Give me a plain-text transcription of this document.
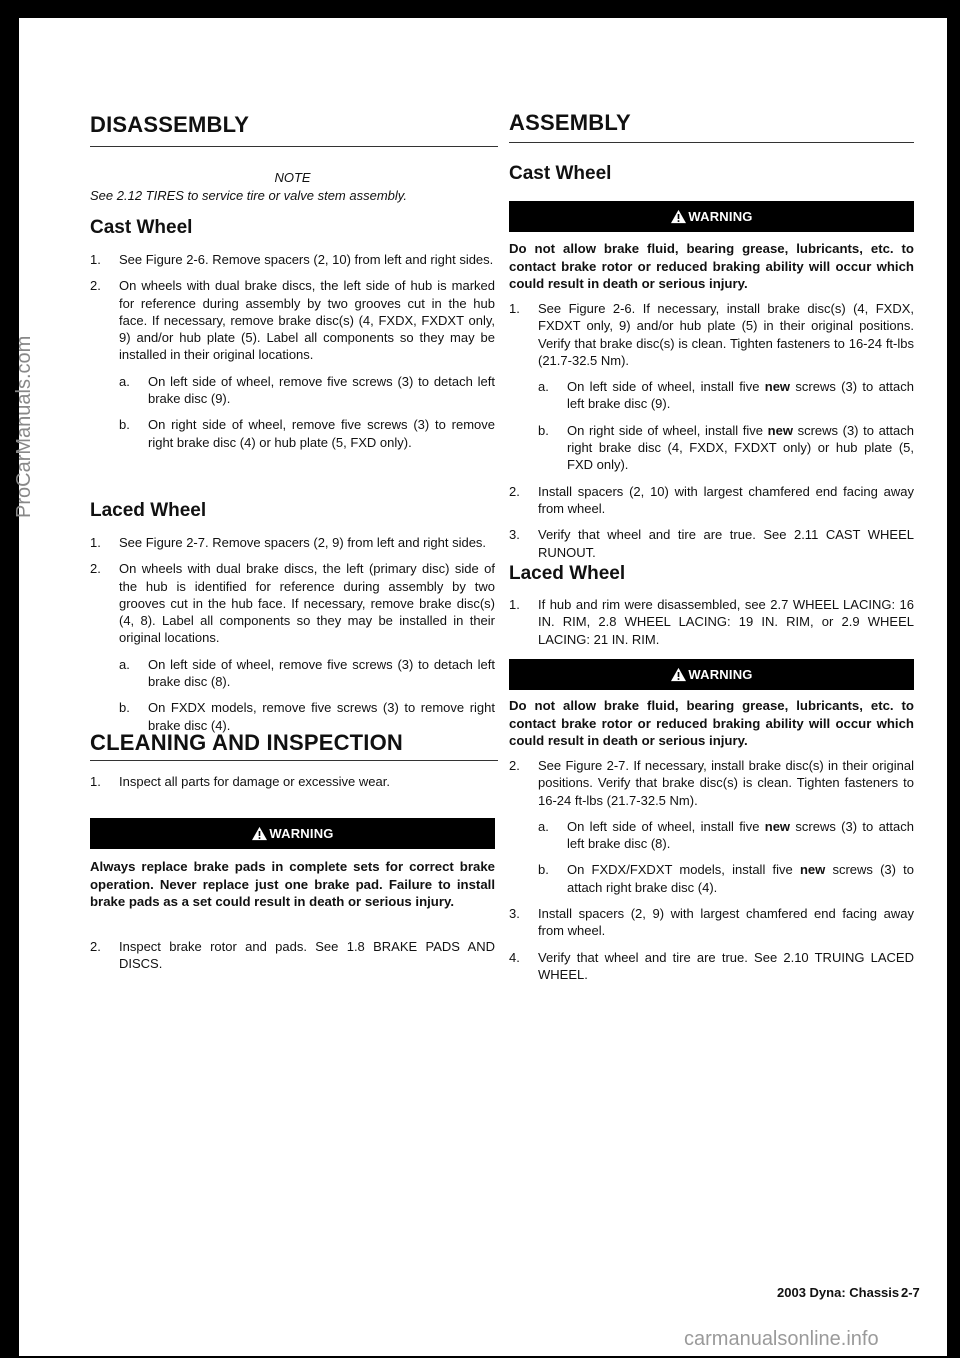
DISASSEMBLY
NOTE
See 2.12 TIRES to service tire or valve stem assembly.
Cast Wheel
1. See Figure 2-6. Remove spacers (2, 10) from left and right sides.
2. On wheels with dual brake discs, the left side of hub is marked for reference during assembly by two grooves cut in the hub face. If necessary, remove brake disc(s) (4, FXDX, FXDXT only, 9) and/or hub plate (5). Label all components so they may be installed in their original locations.
a. On left side of wheel, remove five screws (3) to detach left brake disc (9).
b. On right side of wheel, remove five screws (3) to remove right brake disc (4) or hub plate (5, FXD only).
Laced Wheel
1. See Figure 2-7. Remove spacers (2, 9) from left and right sides.
2. On wheels with dual brake discs, the left (primary disc) side of the hub is identified for reference during assembly by two grooves cut in the hub face. If necessary, remove brake disc(s) (4, 8). Label all components so they may be installed in their original locations.
a. On left side of wheel, remove five screws (3) to detach left brake disc (8).
b. On FXDX models, remove five screws (3) to remove right brake disc (4).
CLEANING AND INSPECTION
1. Inspect all parts for damage or excessive wear.
WARNING
Always replace brake pads in complete sets for correct brake operation. Never replace just one brake pad. Failure to install brake pads as a set could result in death or serious injury.
2. Inspect brake rotor and pads. See 1.8 BRAKE PADS AND DISCS.
ASSEMBLY
Cast Wheel
WARNING
Do not allow brake fluid, bearing grease, lubricants, etc. to contact brake rotor or reduced braking ability will occur which could result in death or serious injury.
1. See Figure 2-6. If necessary, install brake disc(s) (4, FXDX, FXDXT only, 9) and/or hub plate (5) in their original positions. Verify that brake disc(s) is clean. Tighten fasteners to 16-24 ft-lbs (21.7-32.5 Nm).
a. On left side of wheel, install five new screws (3) to attach left brake disc (9).
b. On right side of wheel, install five new screws (3) to attach right brake disc (4, FXDX, FXDXT only) or hub plate (5, FXD only).
2. Install spacers (2, 10) with largest chamfered end facing away from wheel.
3. Verify that wheel and tire are true. See 2.11 CAST WHEEL RUNOUT.
Laced Wheel
1. If hub and rim were disassembled, see 2.7 WHEEL LACING: 16 IN. RIM, 2.8 WHEEL LACING: 19 IN. RIM, or 2.9 WHEEL LACING: 21 IN. RIM.
WARNING
Do not allow brake fluid, bearing grease, lubricants, etc. to contact brake rotor or reduced braking ability will occur which could result in death or serious injury.
2. See Figure 2-7. If necessary, install brake disc(s) in their original positions. Verify that brake disc(s) is clean. Tighten fasteners to 16-24 ft-lbs (21.7-32.5 Nm).
a. On left side of wheel, install five new screws (3) to attach left brake disc (8).
b. On FXDX/FXDXT models, install five new screws (3) to attach right brake disc (4).
3. Install spacers (2, 9) with largest chamfered end facing away from wheel.
4. Verify that wheel and tire are true. See 2.10 TRUING LACED WHEEL.
2003 Dyna: Chassis 2-7
ProCarManuals.com
carmanualsonline.info
